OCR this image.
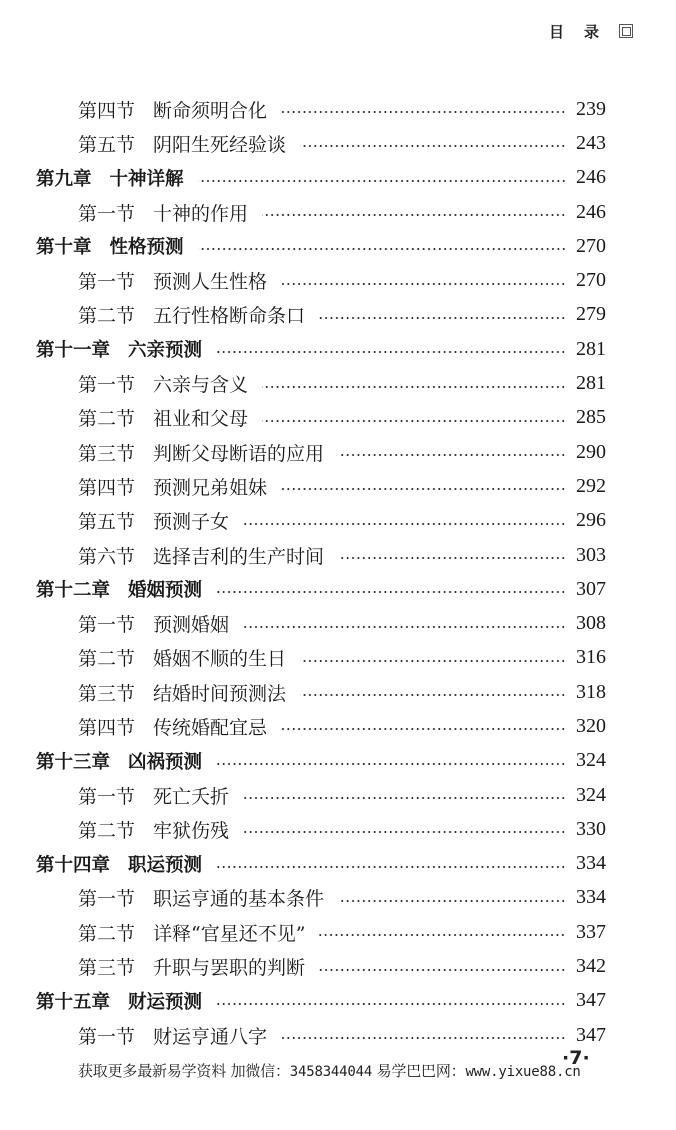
目 录
第四节 断命须明合化	239
第五节 阴阳生死经验谈	243
第九章 十神详解	246
第一节 十神的作用	246
第十章 性格预测	270
第一节 预测人生性格	270
第二节 五行性格断命条口	279
第十一章 六亲预测	281
第一节 六亲与含义	281
第二节 祖业和父母	285
第三节 判断父母断语的应用	290
第四节 预测兄弟姐妹	292
第五节 预测子女	296
第六节 选择吉利的生产时间	303
第十二章 婚姻预测	307
第一节 预测婚姻	308
第二节 婚姻不顺的生日	316
第三节 结婚时间预测法	318
第四节 传统婚配宜忌	320
第十三章 凶祸预测	324
第一节 死亡夭折	324
第二节 牢狱伤残	330
第十四章 职运预测	334
第一节 职运亨通的基本条件	334
第二节 详释“官星还不见”	337
第三节 升职与罢职的判断	342
第十五章 财运预测	347
第一节 财运亨通八字	347
获取更多最新易学资料 加微信：3458344044 易学巴巴网：www.yixue88.cn
·7·
